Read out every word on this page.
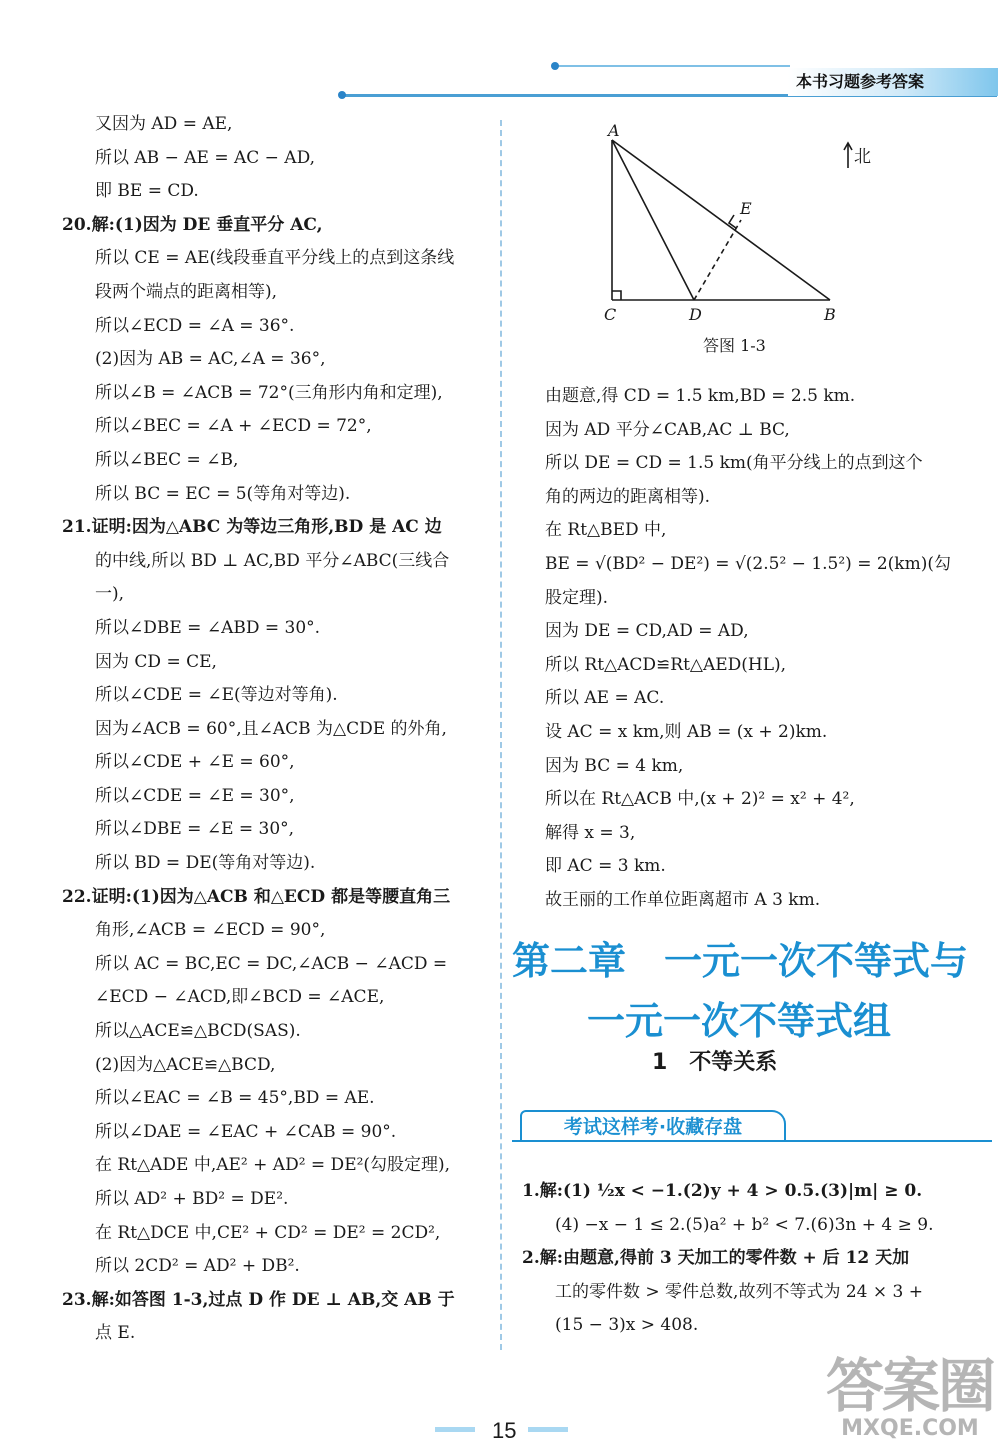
本书习题参考答案
又因为 AD = AE,
所以 AB − AE = AC − AD,
即 BE = CD.
20.解:(1)因为 DE 垂直平分 AC,
所以 CE = AE(线段垂直平分线上的点到这条线
段两个端点的距离相等),
所以∠ECD = ∠A = 36°.
(2)因为 AB = AC,∠A = 36°,
所以∠B = ∠ACB = 72°(三角形内角和定理),
所以∠BEC = ∠A + ∠ECD = 72°,
所以∠BEC = ∠B,
所以 BC = EC = 5(等角对等边).
21.证明:因为△ABC 为等边三角形,BD 是 AC 边
的中线,所以 BD ⊥ AC,BD 平分∠ABC(三线合
一),
所以∠DBE = ∠ABD = 30°.
因为 CD = CE,
所以∠CDE = ∠E(等边对等角).
因为∠ACB = 60°,且∠ACB 为△CDE 的外角,
所以∠CDE + ∠E = 60°,
所以∠CDE = ∠E = 30°,
所以∠DBE = ∠E = 30°,
所以 BD = DE(等角对等边).
22.证明:(1)因为△ACB 和△ECD 都是等腰直角三
角形,∠ACB = ∠ECD = 90°,
所以 AC = BC,EC = DC,∠ACB − ∠ACD =
∠ECD − ∠ACD,即∠BCD = ∠ACE,
所以△ACE≌△BCD(SAS).
(2)因为△ACE≌△BCD,
所以∠EAC = ∠B = 45°,BD = AE.
所以∠DAE = ∠EAC + ∠CAB = 90°.
在 Rt△ADE 中,AE² + AD² = DE²(勾股定理),
所以 AD² + BD² = DE².
在 Rt△DCE 中,CE² + CD² = DE² = 2CD²,
所以 2CD² = AD² + DB².
23.解:如答图 1-3,过点 D 作 DE ⊥ AB,交 AB 于
点 E.
A
E
C	D	B
北
答图 1-3
由题意,得 CD = 1.5 km,BD = 2.5 km.
因为 AD 平分∠CAB,AC ⊥ BC,
所以 DE = CD = 1.5 km(角平分线上的点到这个
角的两边的距离相等).
在 Rt△BED 中,
BE = √(BD² − DE²) = √(2.5² − 1.5²) = 2(km)(勾
股定理).
因为 DE = CD,AD = AD,
所以 Rt△ACD≌Rt△AED(HL),
所以 AE = AC.
设 AC = x km,则 AB = (x + 2)km.
因为 BC = 4 km,
所以在 Rt△ACB 中,(x + 2)² = x² + 4²,
解得 x = 3,
即 AC = 3 km.
故王丽的工作单位距离超市 A 3 km.
第二章　一元一次不等式与
一元一次不等式组
1　不等关系
考试这样考·收藏存盘
1.解:(1) ½x < −1.(2)y + 4 > 0.5.(3)|m| ≥ 0.
(4) −x − 1 ≤ 2.(5)a² + b² < 7.(6)3n + 4 ≥ 9.
2.解:由题意,得前 3 天加工的零件数 + 后 12 天加
工的零件数 > 零件总数,故列不等式为 24 × 3 +
(15 − 3)x > 408.
15
答案圈
MXQE.COM
